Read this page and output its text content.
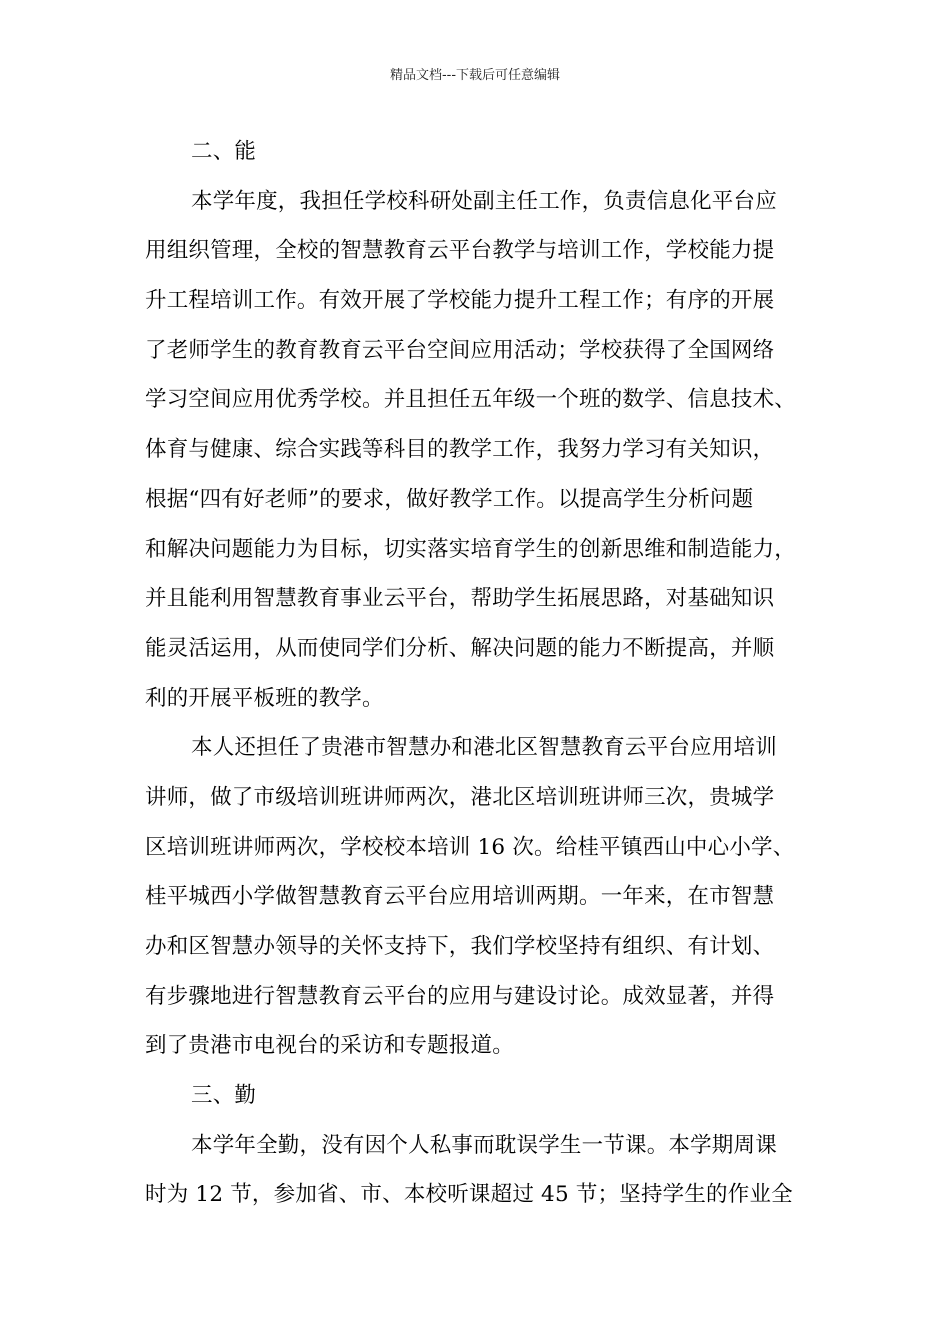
精品文档---下载后可任意编辑
二、能
本学年度，我担任学校科研处副主任工作，负责信息化平台应
用组织管理，全校的智慧教育云平台教学与培训工作，学校能力提
升工程培训工作。有效开展了学校能力提升工程工作；有序的开展
了老师学生的教育教育云平台空间应用活动；学校获得了全国网络
学习空间应用优秀学校。并且担任五年级一个班的数学、信息技术、
体育与健康、综合实践等科目的教学工作，我努力学习有关知识，
根据“四有好老师”的要求，做好教学工作。以提高学生分析问题
和解决问题能力为目标，切实落实培育学生的创新思维和制造能力，
并且能利用智慧教育事业云平台，帮助学生拓展思路，对基础知识
能灵活运用，从而使同学们分析、解决问题的能力不断提高，并顺
利的开展平板班的教学。
本人还担任了贵港市智慧办和港北区智慧教育云平台应用培训
讲师，做了市级培训班讲师两次，港北区培训班讲师三次，贵城学
区培训班讲师两次，学校校本培训 16 次。给桂平镇西山中心小学、
桂平城西小学做智慧教育云平台应用培训两期。一年来，在市智慧
办和区智慧办领导的关怀支持下，我们学校坚持有组织、有计划、
有步骤地进行智慧教育云平台的应用与建设讨论。成效显著，并得
到了贵港市电视台的采访和专题报道。
三、勤
本学年全勤，没有因个人私事而耽误学生一节课。本学期周课
时为 12 节，参加省、市、本校听课超过 45 节；坚持学生的作业全
